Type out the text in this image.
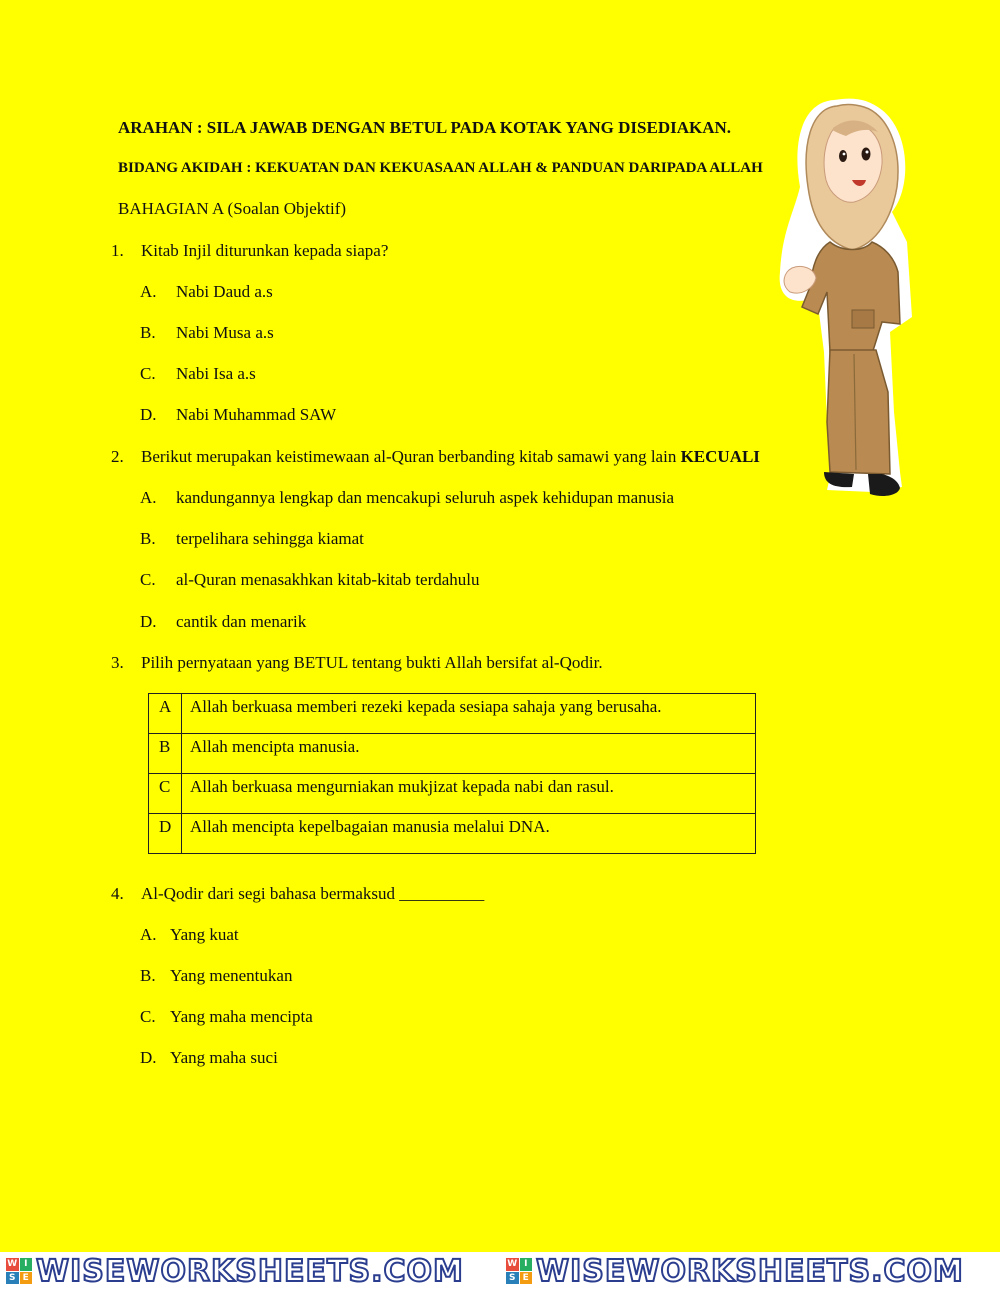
ARAHAN : SILA JAWAB DENGAN BETUL PADA KOTAK YANG DISEDIAKAN.
BIDANG AKIDAH : KEKUATAN DAN KEKUASAAN ALLAH & PANDUAN DARIPADA ALLAH
BAHAGIAN A (Soalan Objektif)
1. Kitab Injil diturunkan kepada siapa?
A. Nabi Daud a.s
B. Nabi Musa a.s
C. Nabi Isa a.s
D. Nabi Muhammad SAW
2. Berikut merupakan keistimewaan al-Quran berbanding kitab samawi yang lain KECUALI
A. kandungannya lengkap dan mencakupi seluruh aspek kehidupan manusia
B. terpelihara sehingga kiamat
C. al-Quran menasakhkan kitab-kitab terdahulu
D. cantik dan menarik
3. Pilih pernyataan yang BETUL tentang bukti Allah bersifat al-Qodir.
A	Allah berkuasa memberi rezeki kepada sesiapa sahaja yang berusaha.
B	Allah mencipta manusia.
C	Allah berkuasa mengurniakan mukjizat kepada nabi dan rasul.
D	Allah mencipta kepelbagaian manusia melalui DNA.
4. Al-Qodir dari segi bahasa bermaksud __________
A. Yang kuat
B. Yang menentukan
C. Yang maha mencipta
D. Yang maha suci
W I
S E WISEWORKSHEETS.COM	W I
S E WISEWORKSHEETS.COM
